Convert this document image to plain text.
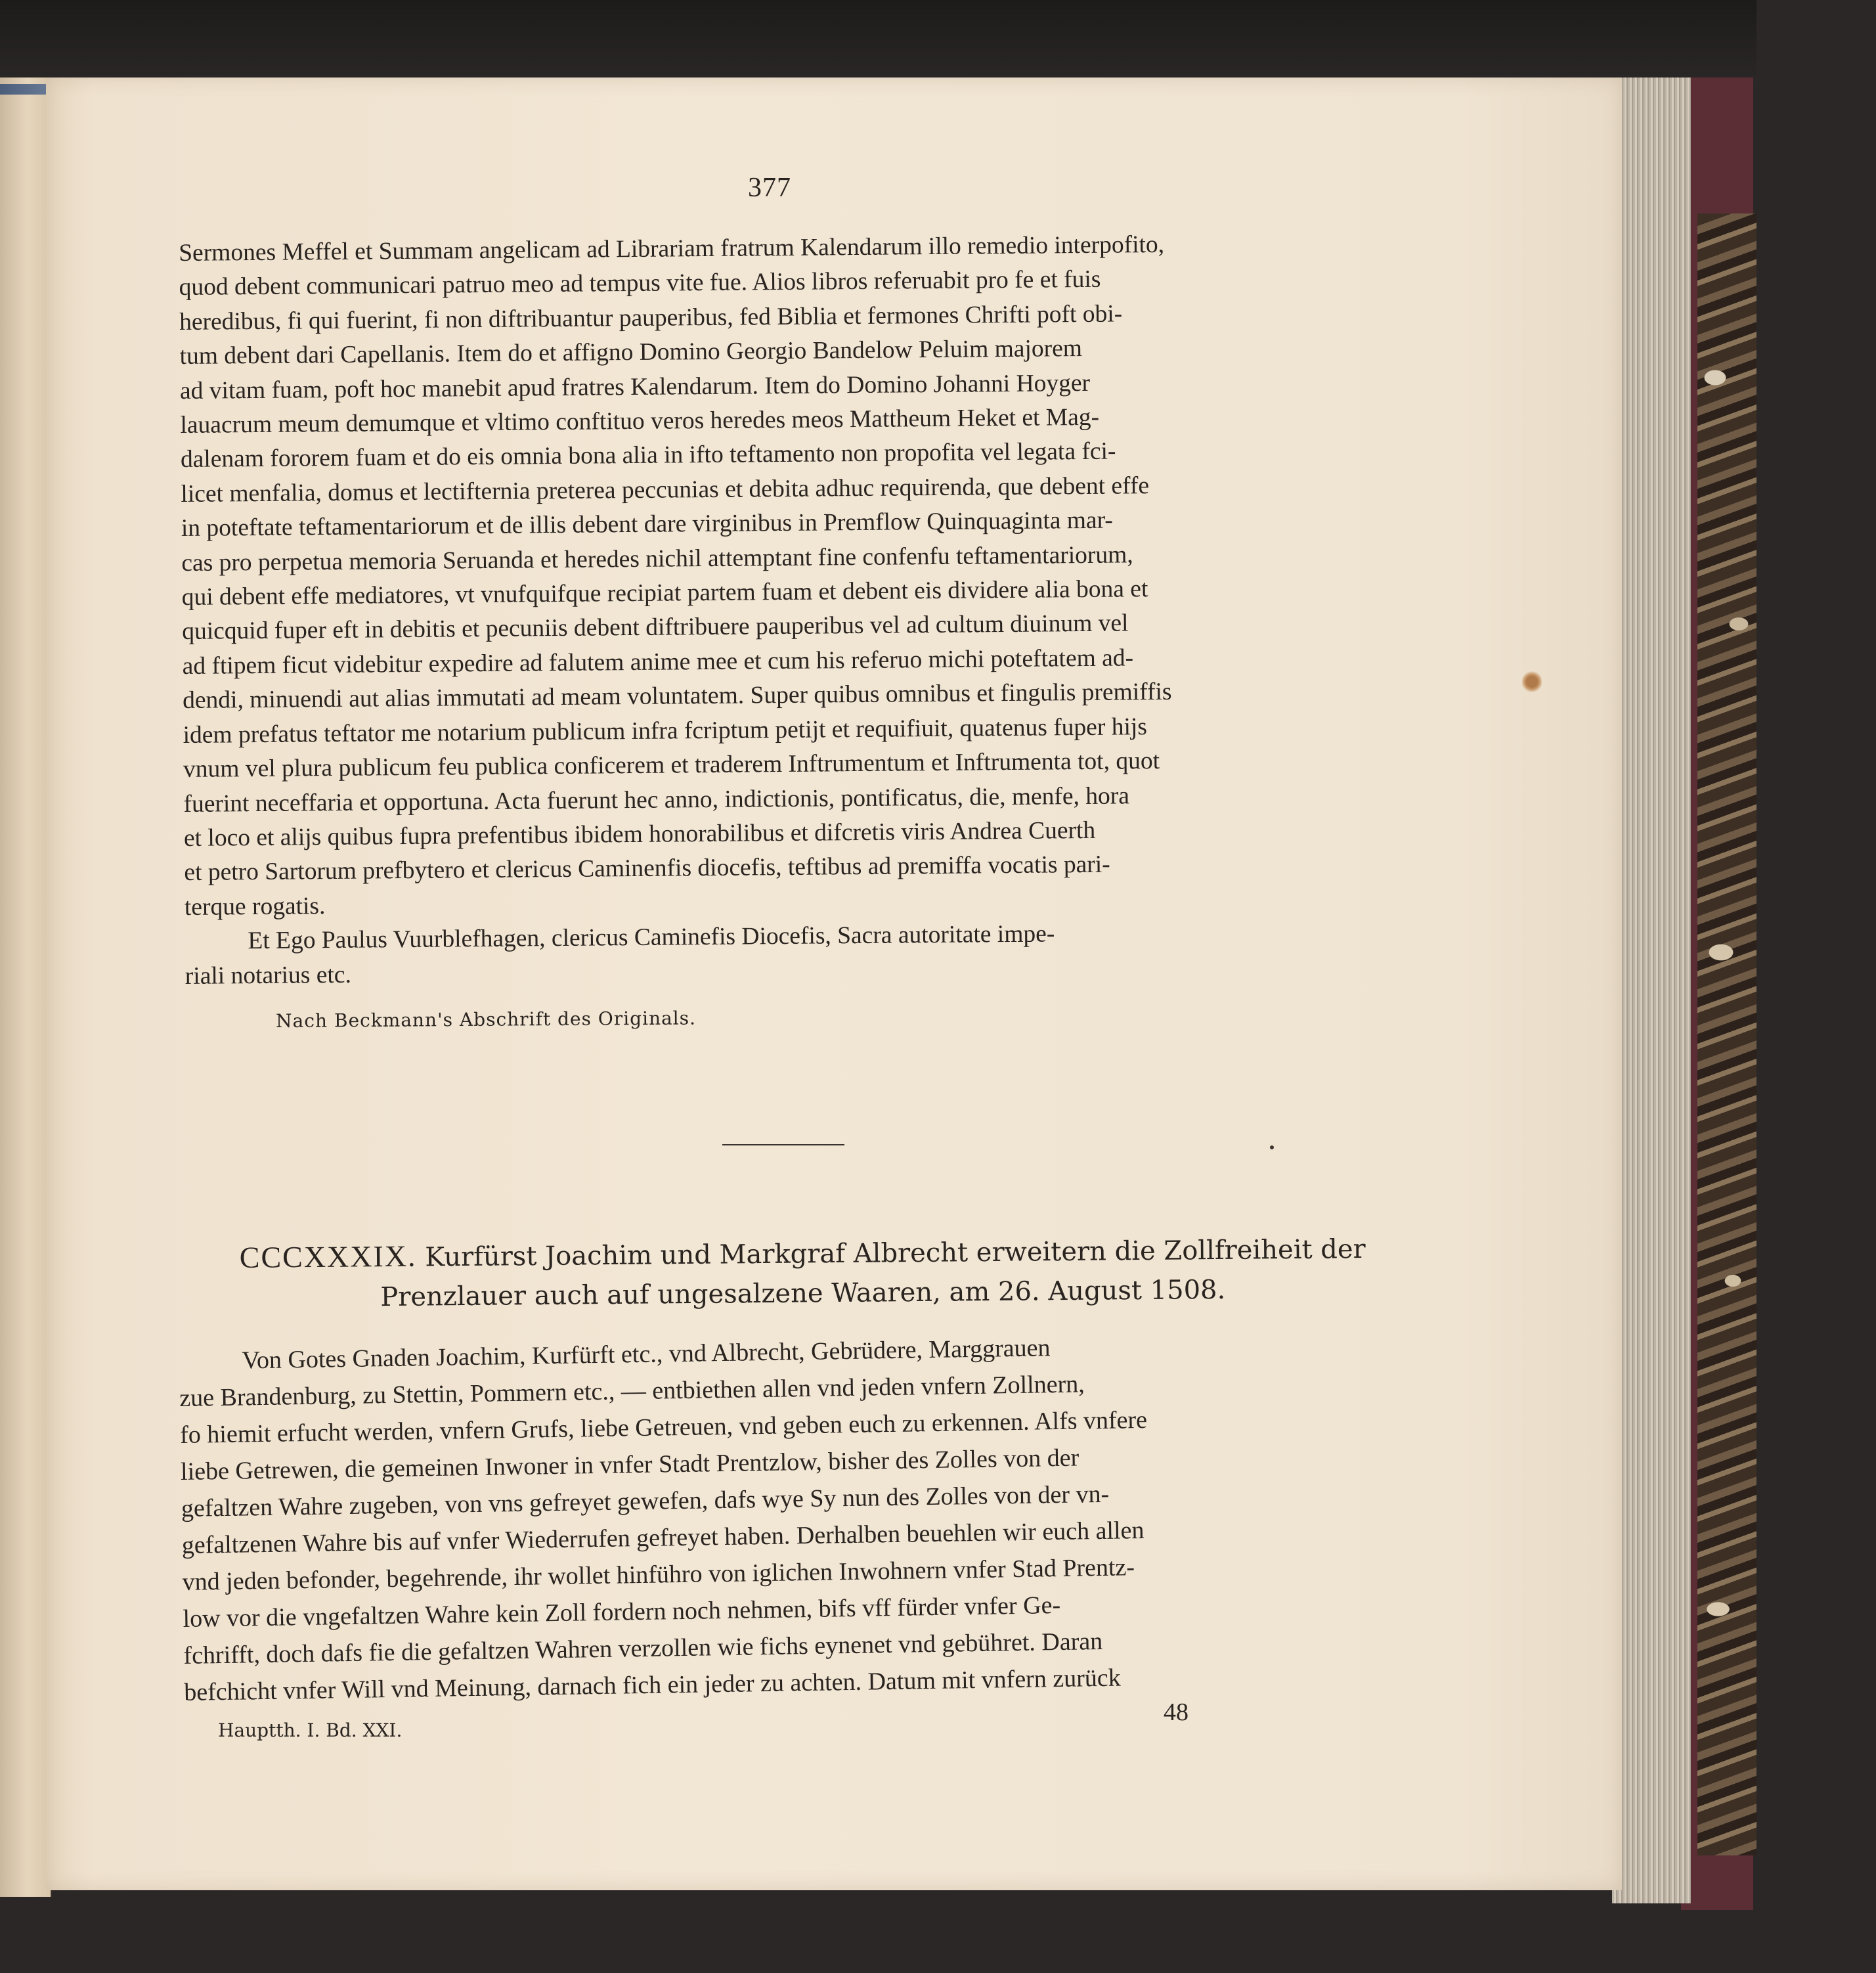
377

Sermones Meffel et Summam angelicam ad Librariam fratrum Kalendarum illo remedio interpofito,

quod debent communicari patruo meo ad tempus vite fue. Alios libros referuabit pro fe et fuis

heredibus, fi qui fuerint, fi non diftribuantur pauperibus, fed Biblia et fermones Chrifti poft obi-

tum debent dari Capellanis. Item do et affigno Domino Georgio Bandelow Peluim majorem

ad vitam fuam, poft hoc manebit apud fratres Kalendarum. Item do Domino Johanni Hoyger

lauacrum meum demumque et vltimo conftituo veros heredes meos Mattheum Heket et Mag-

dalenam fororem fuam et do eis omnia bona alia in ifto teftamento non propofita vel legata fci-

licet menfalia, domus et lectifternia preterea peccunias et debita adhuc requirenda, que debent effe

in poteftate teftamentariorum et de illis debent dare virginibus in Premflow Quinquaginta mar-

cas pro perpetua memoria Seruanda et heredes nichil attemptant fine confenfu teftamentariorum,

qui debent effe mediatores, vt vnufquifque recipiat partem fuam et debent eis dividere alia bona et

quicquid fuper eft in debitis et pecuniis debent diftribuere pauperibus vel ad cultum diuinum vel

ad ftipem ficut videbitur expedire ad falutem anime mee et cum his referuo michi poteftatem ad-

dendi, minuendi aut alias immutati ad meam voluntatem. Super quibus omnibus et fingulis premiffis

idem prefatus teftator me notarium publicum infra fcriptum petijt et requifiuit, quatenus fuper hijs

vnum vel plura publicum feu publica conficerem et traderem Inftrumentum et Inftrumenta tot, quot

fuerint neceffaria et opportuna. Acta fuerunt hec anno, indictionis, pontificatus, die, menfe, hora

et loco et alijs quibus fupra prefentibus ibidem honorabilibus et difcretis viris Andrea Cuerth

et petro Sartorum prefbytero et clericus Caminenfis diocefis, teftibus ad premiffa vocatis pari-

terque rogatis.

Et Ego Paulus Vuurblefhagen, clericus Caminefis Diocefis, Sacra autoritate impe-

riali notarius etc.

Nach Beckmann's Abschrift des Originals.
CCCXXXIX. Kurfürst Joachim und Markgraf Albrecht erweitern die Zollfreiheit der
Prenzlauer auch auf ungesalzene Waaren, am 26. August 1508.

Von Gotes Gnaden Joachim, Kurfürft etc., vnd Albrecht, Gebrüdere, Marggrauen

zue Brandenburg, zu Stettin, Pommern etc., — entbiethen allen vnd jeden vnfern Zollnern,

fo hiemit erfucht werden, vnfern Grufs, liebe Getreuen, vnd geben euch zu erkennen. Alfs vnfere

liebe Getrewen, die gemeinen Inwoner in vnfer Stadt Prentzlow, bisher des Zolles von der

gefaltzen Wahre zugeben, von vns gefreyet gewefen, dafs wye Sy nun des Zolles von der vn-

gefaltzenen Wahre bis auf vnfer Wiederrufen gefreyet haben. Derhalben beuehlen wir euch allen

vnd jeden befonder, begehrende, ihr wollet hinführo von iglichen Inwohnern vnfer Stad Prentz-

low vor die vngefaltzen Wahre kein Zoll fordern noch nehmen, bifs vff fürder vnfer Ge-

fchrifft, doch dafs fie die gefaltzen Wahren verzollen wie fichs eynenet vnd gebühret. Daran

befchicht vnfer Will vnd Meinung, darnach fich ein jeder zu achten. Datum mit vnfern zurück

48
Hauptth. I. Bd. XXI.
